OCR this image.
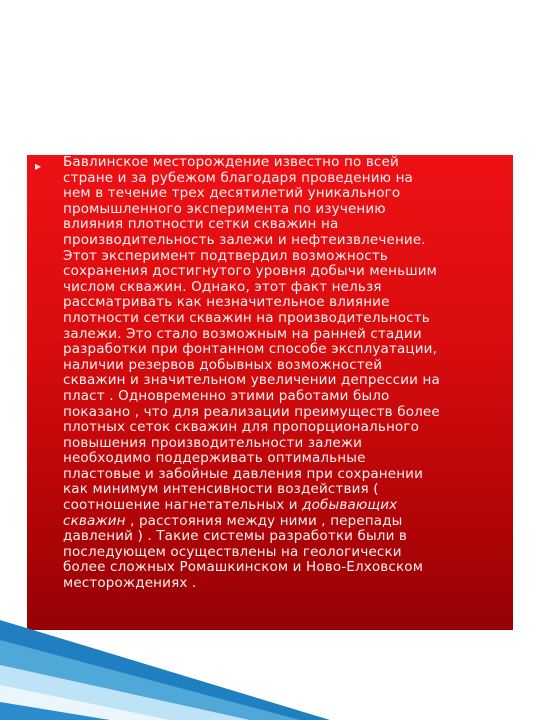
▸ Бавлинское месторождение известно по всей
стране и за рубежом благодаря проведению на
нем в течение трех десятилетий уникального
промышленного эксперимента по изучению
влияния плотности сетки скважин на
производительность залежи и нефтеизвлечение.
Этот эксперимент подтвердил возможность
сохранения достигнутого уровня добычи меньшим
числом скважин. Однако, этот факт нельзя
рассматривать как незначительное влияние
плотности сетки скважин на производительность
залежи. Это стало возможным на ранней стадии
разработки при фонтанном способе эксплуатации,
наличии резервов добывных возможностей
скважин и значительном увеличении депрессии на
пласт . Одновременно этими работами было
показано , что для реализации преимуществ более
плотных сеток скважин для пропорционального
повышения производительности залежи
необходимо поддерживать оптимальные
пластовые и забойные давления при сохранении
как минимум интенсивности воздействия (
соотношение нагнетательных и добывающих
скважин , расстояния между ними , перепады
давлений ) . Такие системы разработки были в
последующем осуществлены на геологически
более сложных Ромашкинском и Ново-Елховском
месторождениях .
